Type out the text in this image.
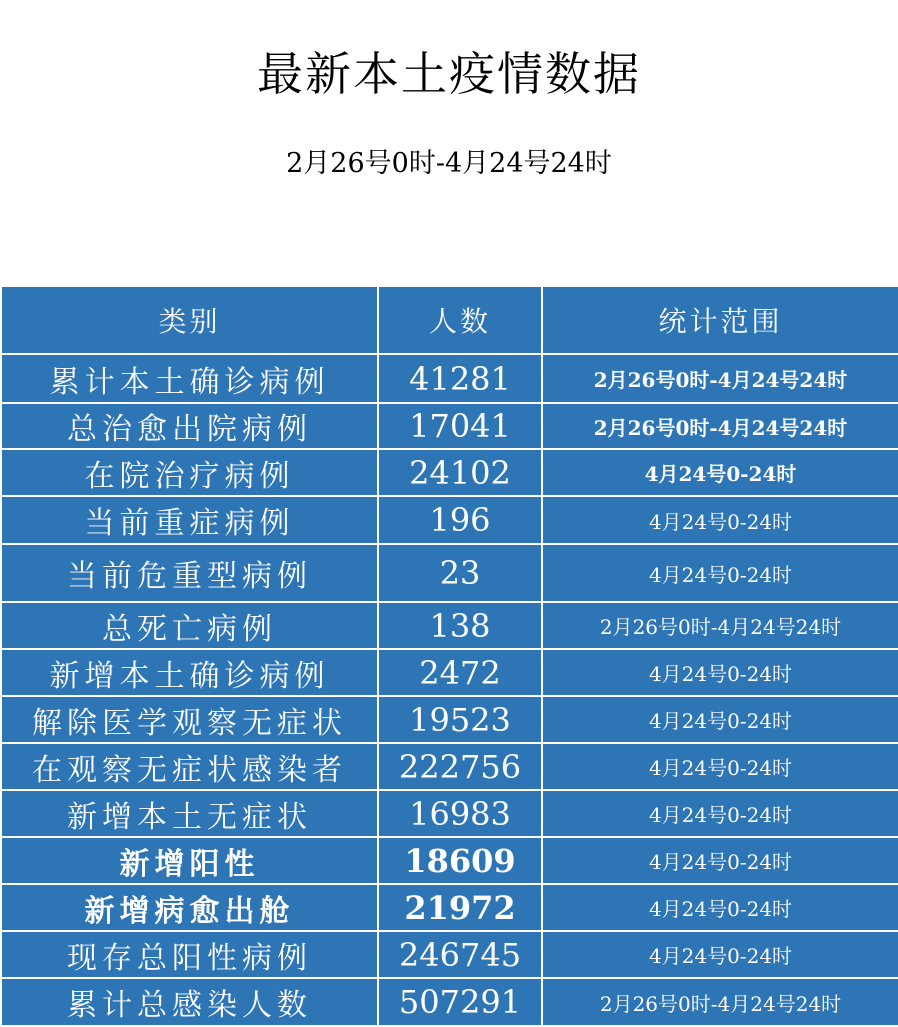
最新本土疫情数据
2月26号0时-4月24号24时
类别	人数	统计范围
累计本土确诊病例	41281	2月26号0时-4月24号24时
总治愈出院病例	17041	2月26号0时-4月24号24时
在院治疗病例	24102	4月24号0-24时
当前重症病例	196	4月24号0-24时
当前危重型病例	23	4月24号0-24时
总死亡病例	138	2月26号0时-4月24号24时
新增本土确诊病例	2472	4月24号0-24时
解除医学观察无症状	19523	4月24号0-24时
在观察无症状感染者	222756	4月24号0-24时
新增本土无症状	16983	4月24号0-24时
新增阳性	18609	4月24号0-24时
新增病愈出舱	21972	4月24号0-24时
现存总阳性病例	246745	4月24号0-24时
累计总感染人数	507291	2月26号0时-4月24号24时
